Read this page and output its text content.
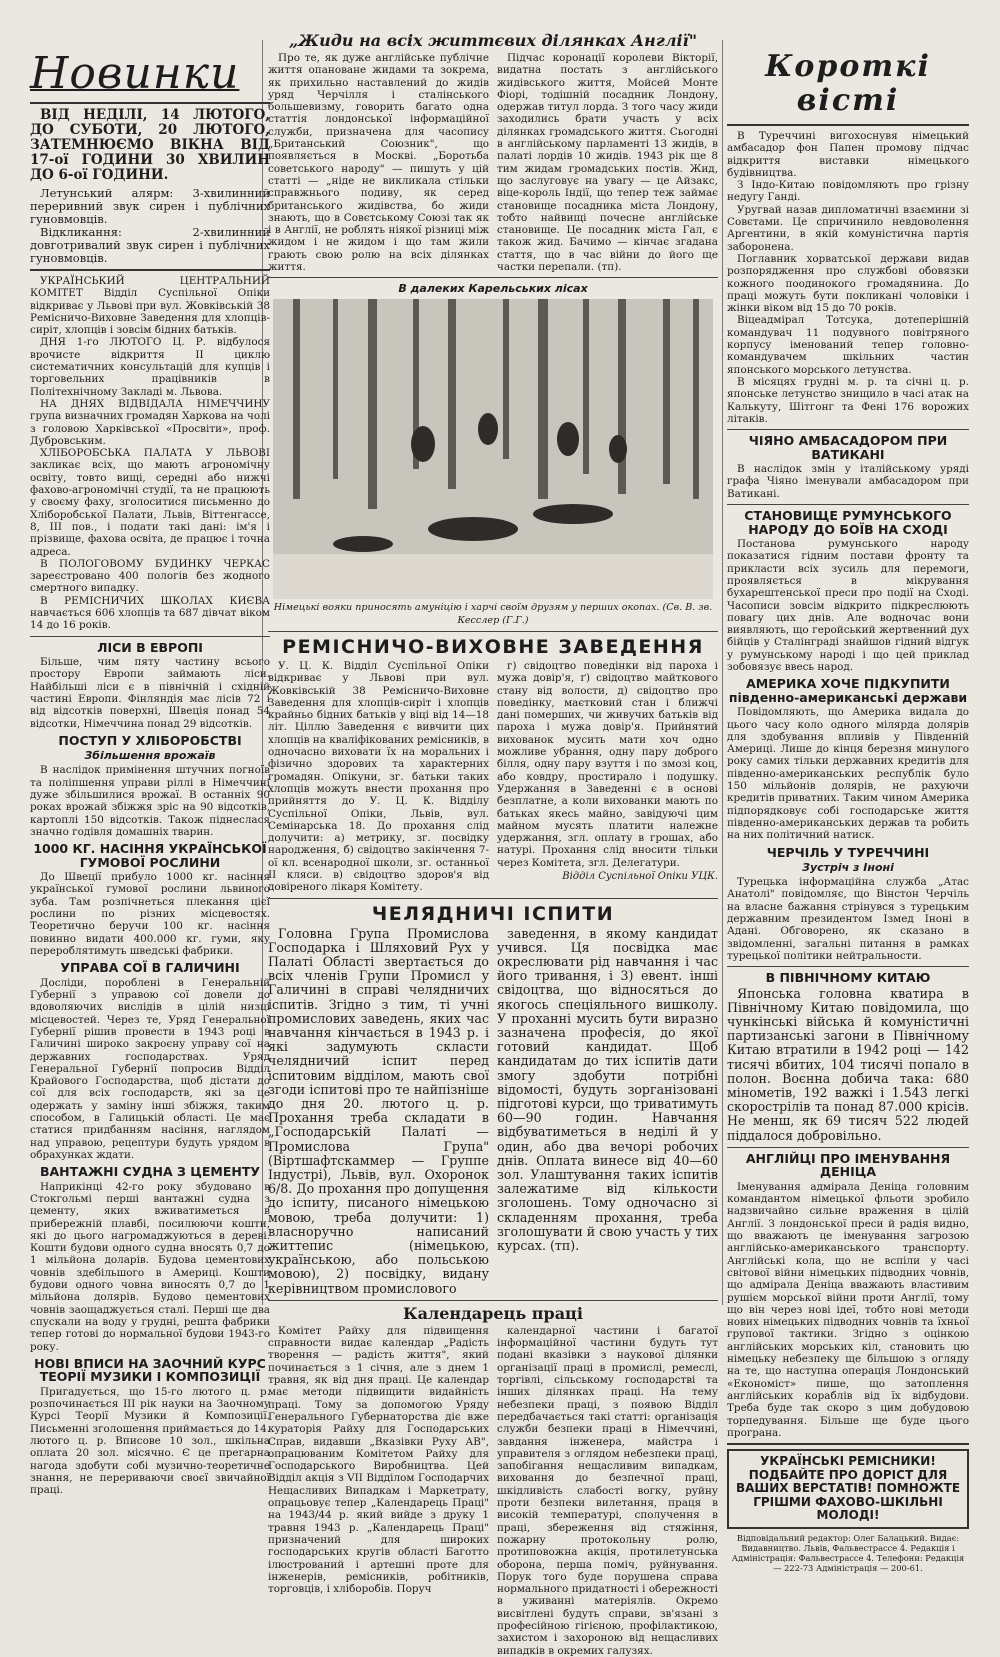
Новинки

ВІД НЕДІЛІ, 14 ЛЮТОГО, ДО СУБОТИ, 20 ЛЮТОГО, ЗАТЕМНЮЄМО ВІКНА ВІД 17-ої ГОДИНИ 30 ХВИЛИН ДО 6-ої ГОДИНИ.

Летунський алярм: 3-хвилинний переривний звук сирен і публічних гуновмовців.

Відкликання: 2-хвилинний довготривалий звук сирен і публічних гуновмовців.

УКРАЇНСЬКИЙ ЦЕНТРАЛЬНИЙ КОМІТЕТ Відділ Суспільної Опіки відкриває у Львові при вул. Жовківській 38 Ремісничо-Виховне Заведення для хлопців-сиріт, хлопців і зовсім бідних батьків.

ДНЯ 1-го ЛЮТОГО Ц. Р. відбулося врочисте відкриття II циклю систематичних консультацій для купців і торговельних працівників в Політехнічному Закладі м. Львова.

НА ДНЯХ ВІДВІДАЛА НІМЕЧЧИНУ група визначних громадян Харкова на чолі з головою Харківської «Просвіти», проф. Дубровським.

ХЛІБОРОБСЬКА ПАЛАТА У ЛЬВОВІ закликає всіх, що мають агрономічну освіту, товто вищі, середні або нижчі фахово-агрономічні студії, та не працюють у своєму фаху, зголоситися письменно до Хліборобської Палати, Львів, Віттенгассе, 8, III пов., і подати такі дані: ім'я і прізвище, фахова освіта, де працює і точна адреса.

В ПОЛОГОВОМУ БУДИНКУ ЧЕРКАС зареєстровано 400 пологів без жодного смертного випадку.

В РЕМІСНИЧИХ ШКОЛАХ КИЄВА навчається 606 хлопців та 687 дівчат віком 14 до 16 років.

ЛІСИ В ЕВРОПІ

Більше, чим пяту частину всього простору Европи займають ліси. Найбільші ліси є в північній і східній частині Европи. Фінляндія має лісів 72 і від відсотків поверхні, Швеція понад 54 відсотки, Німеччина понад 29 відсотків.

ПОСТУП У ХЛІБОРОБСТВІ
Збільшення врожаїв

В наслідок примінення штучних погноїв та поліпшення управи ріллі в Німеччині дуже збільшилися врожаї. В останніх 90 роках врожай збіжжя зріс на 90 відсотків, картоплі 150 відсотків. Також піднеслася значно годівля домашніх тварин.

1000 КГ. НАСІННЯ УКРАЇНСЬКОЇ ГУМОВОЇ РОСЛИНИ

До Швеції прибуло 1000 кг. насіння української гумової рослини львиного зуба. Там розпічнеться плекання цієї рослини по різних місцевостях. Теоретично беручи 100 кг. насіння повинно видати 400.000 кг. гуми, яку перероблятимуть шведські фабрики.

УПРАВА СОЇ В ГАЛИЧИНІ

Досліди, пороблені в Генеральній Губернії з управою сої довели до вдоволяючих вислідів в цілій низці місцевостей. Через те, Уряд Генеральної Губернії рішив провести в 1943 році в Галичині широко закроєну управу сої на державних господарствах. Уряд Генеральної Губернії попросив Відділ Крайового Господарства, щоб дістати до сої для всіх господарств, які за це одержать у заміну інші збіжжя, таким способом, в Галицькій області. Це має статися придбанням насіння, наглядом над управою, рецептури будуть урядом в обрахунках ждати.

ВАНТАЖНІ СУДНА З ЦЕМЕНТУ

Наприкінці 42-го року збудовано в Стокгольмі перші вантажні судна з цементу, яких вживатиметься в прибережній плавбі, посилюючи кошти, які до цього нагромаджуються в дереві. Кошти будови одного судна вносять 0,7 до 1 мільйона доларів. Будова цементових човнів здебільшого в Америці. Кошти будови одного човна виносять 0,7 до 1 мільйона долярів. Будово цементових човнів заощаджується сталі. Перші ще два спускали на воду у грудні, решта фабрики тепер готові до нормальної будови 1943-го року.

НОВІ ВПИСИ НА ЗАОЧНИЙ КУРС ТЕОРІЇ МУЗИКИ І КОМПОЗИЦІЇ

Пригадується, що 15-го лютого ц. р. розпочинається ІІІ рік науки на Заочному Курсі Теорії Музики й Композиції. Письменні зголошення приймається до 14. лютого ц. р. Вписове 10 зол., шкільна оплата 20 зол. місячно. Є це прегарна нагода здобути собі музично-теоретичне знання, не перериваючи своєї звичайної праці.

„Жиди на всіх життєвих ділянках Англії"

Про те, як дуже англійське публічне життя опановане жидами та зокрема, як прихильно наставлений до жидів уряд Черчілля і сталінського большевизму, говорить багато одна статтія лондонської інформаційної служби, призначена для часопису „Британський Союзник", що появляється в Москві. „Боротьба советського народу" — пишуть у цій статті — „ніде не викликала стільки справжнього подиву, як серед британського жидівства, бо жиди знають, що в Совєтському Союзі так як і в Англії, не роблять ніякої різниці між жидом і не жидом і що там жили грають свою ролю на всіх ділянках життя.

Підчас коронації королеви Вікторії, видатна постать з англійського жидівського життя, Мойсей Монте Фіорі, тодішній посадник Лондону, одержав титул лорда. З того часу жиди заходились брати участь у всіх ділянках громадського життя. Сьогодні в англійському парламенті 13 жидів, в палаті лордів 10 жидів. 1943 рік ще 8 тим жидам громадських постів. Жид, що заслуговує на увагу — це Айзакс, віце-король Індії, що тепер теж займає становище посадника міста Лондону, тобто найвищі почесне англійське становище. Це посадник міста Гал, є також жид. Бачимо — кінчає згадана стаття, що в час війни до його ще частки перепали. (тп).

В далеких Карельських лісах

Німецькі вояки приносять амуніцію і харчі своїм друзям у перших окопах. (Св. В. зв. Кесслер (Г.Г.)

РЕМІСНИЧО-ВИХОВНЕ ЗАВЕДЕННЯ

У. Ц. К. Відділ Суспільної Опіки відкриває у Львові при вул. Жовківській 38 Ремісничо-Виховне Заведення для хлопців-сиріт і хлопців крайньо бідних батьків у віці від 14—18 літ. Ціллю Заведення є вивчити цих хлопців на кваліфікованих ремісників, в одночасно виховати їх на моральних і фізично здорових та характерних громадян. Опікуни, зг. батьки таких хлопців можуть внести прохання про прийняття до У. Ц. К. Відділу Суспільної Опіки, Львів, вул. Семінарська 18. До прохання слід долучити: а) метрику, зг. посвідку народження, б) свідоцтво закінчення 7-ої кл. всенародної школи, зг. останньої ІІ кляси. в) свідоцтво здоров'я від довіреного лікаря Комітету.

г) свідоцтво поведінки від пароха і мужа довір'я, ґ) свідоцтво майткового стану від волости, д) свідоцтво про поведінку, маєтковий стан і ближчі дані померших, чи живучих батьків від пароха і мужа довір'я. Прийнятий вихованок мусить мати хоч одно можливе убрання, одну пару доброго білля, одну пару взуття і по змозі коц, або ковдру, простирало і подушку. Удержання в Заведенні є в основі безплатне, а коли вихованки мають по батьках якесь майно, завідуючі цим майном мусять платити належне удержання, згл. оплату в грошах, або натурі. Прохання слід вносити тільки через Комітета, згл. Делегатури.

Відділ Суспільної Опіки УЦК.
ЧЕЛЯДНИЧІ ІСПИТИ

Головна Група Промислова Господарка і Шляховий Рух у Палаті Області звертається до всіх членів Групи Промисл у Галичині в справі челядничих іспитів. Згідно з тим, ті учні промислових заведень, яких час навчання кінчається в 1943 р. і які задумують скласти челядничий іспит перед іспитовим відділом, мають свої згоди іспитові про те найпізніше до дня 20. лютого ц. р. Прохання треба складати в „Господарській Палаті — Промислова Група" (Віртшафтскаммер — Группе Індустрі), Львів, вул. Охоронок 6/8. До прохання про допущення до іспиту, писаного німецькою мовою, треба долучити: 1) власноручно написаний життепис (німецькою, українською, або польською мовою), 2) посвідку, видану керівництвом промислового

заведення, в якому кандидат учився. Ця посвідка має окреслювати рід навчання і час його тривання, і 3) евент. інші свідоцтва, що відносяться до якогось спеціяльного вишколу. У проханні мусить бути виразно зазначена професія, до якої готовий кандидат. Щоб кандидатам до тих іспитів дати змогу здобути потрібні відомості, будуть зорганізовані підготові курси, що триватимуть 60—90 годин. Навчання відбуватиметься в неділі й у один, або два вечорі робочих днів. Оплата винесе від 40—60 зол. Улаштування таких іспитів залежатиме від кількости зголошень. Тому одночасно зі складенням прохання, треба зголошувати й свою участь у тих курсах. (тп).

Календарець праці

Комітет Райху для підвищення справности видає календар „Радість творення — радість життя", який починається з 1 січня, але з днем 1 травня, як від дня праці. Це календар має методи підвищити видайність праці. Тому за допомогою Уряду Генерального Губернаторства діє вже кураторія Райху для Господарських Справ, видавши „Вказівки Руху АВ", опрацюваним Комітетом Райху для Господарського Виробництва. Цей Відділ акція з VII Відділом Господарчих Нещасливих Випадкам і Маркетрату, опрацьовує тепер „Календарець Праці" на 1943/44 р. який вийде з друку 1 травня 1943 р. „Календарець Праці" призначений для широких господарських кругів області Баготто ілюстрований і артешні проте для інженерів, ремісників, робітників, торговців, і хліборобів. Поруч

календарної частини і багатої інформаційної частини будуть тут подані вказівки з наукової ділянки організації праці в промислі, ремеслі, торгівлі, сільському господарстві та інших ділянках праці. На тему небезпеки праці, з появою Відділ передбачається такі статті: організація служби безпеки праці в Німеччині, завдання інженера, майстра і управителя з оглядом небезпеки праці, запобігання нещасливим випадкам, виховання до безпечної праці, шкідливість слабості вогку, руйну проти безпеки вилетання, праця в високій температурі, сполучення в праці, збереження від стяжіння, пожарну протокольну ролю, протиповожна акція, протилетунська оборона, перша поміч, руйнування. Порук того буде порушена справа нормального придатності і обережності в уживанні матеріялів. Окремо висвітлені будуть справи, зв'язані з професійною гігієною, профілактикою, захистом і захороною від нещасливих випадків в окремих галузях.

Короткі вісті

В Туреччині вигохоснувя німецький амбасадор фон Папен промову підчас відкриття виставки німецького будівництва.

З Індо-Китаю повідомляють про грізну недугу Ганді.

Уругвай назав дипломатичні взаємини зі Совєтами. Це спричинило невдоволення Аргентини, в якій комуністична партія заборонена.

Поглавник хорватської держави видав розпорядження про службові обовязки кожного поодинокого громадянина. До праці можуть бути покликані чоловіки і жінки віком від 15 до 70 років.

Віцеадмірал Тотсука, дотеперішній командувач 11 подувного повітряного корпусу іменований тепер головно-командувачем шкільних частин японського морського летунства.

В місяцях грудні м. р. та січні ц. р. японське летунство знищило в часі атак на Калькуту, Шітгонг та Фені 176 ворожих літаків.

ЧІЯНО АМБАСАДОРОМ ПРИ ВАТИКАНІ

В наслідок змін у італійському уряді графа Чіяно іменували амбасадором при Ватикані.

СТАНОВИЩЕ РУМУНСЬКОГО НАРОДУ ДО БОЇВ НА СХОДІ

Постанова румунського народу показатися гідним постави фронту та прикласти всіх зусиль для перемоги, проявляється в мікрування бухарештенської преси про події на Сході. Часописи зовсім відкрито підкреслюють повагу цих днів. Але водночас вони виявляють, що геройський жертвенний дух бійців у Сталінграді знайшов гідний відгук у румунському народі і що цей приклад зобовязує ввесь народ.

АМЕРИКА ХОЧЕ ПІДКУПИТИ південно-американські держави

Повідомляють, що Америка видала до цього часу коло одного мілярда долярів для здобування впливів у Південній Америці. Лише до кінця березня минулого року самих тільки державних кредитів для південно-американських республік було 150 мільйонів долярів, не рахуючи кредитів приватних. Таким чином Америка підпорядковує собі господарське життя південно-американських держав та робить на них політичний натиск.

ЧЕРЧІЛЬ У ТУРЕЧЧИНІ
Зустріч з Іноні

Турецька інформаційна служба „Атас Анатолі" повідомляє, що Вінстон Черчіль на власне бажання стрінувся з турецьким державним президентом Ізмед Іноні в Адані. Обговорено, як сказано в звідомленні, загальні питання в рамках турецької політики нейтральности.

В ПІВНІЧНОМУ КИТАЮ

Японська головна кватира в Північному Китаю повідомила, що чункінські війська й комуністичні партизанські загони в Північному Китаю втратили в 1942 році — 142 тисячі вбитих, 104 тисячі попало в полон. Воєнна добича така: 680 мінометів, 192 важкі і 1.543 легкі скорострілів та понад 87.000 крісів. Не менш, як 69 тисяч 522 людей піддалося добровільно.

АНГЛІЙЦІ ПРО ІМЕНУВАННЯ ДЕНІЦА

Іменування адмірала Деніца головним командантом німецької фльоти зробило надзвичайно сильне враження в цілій Англії. З лондонської преси й радія видно, що вважають це іменування загрозою англійсько-американського транспорту. Англійські кола, що не вспіли у часі світової війни німецьких підводних човнів, що адмірала Деніца вважають властивим рушієм морської війни проти Англії, тому що він через нові ідеї, тобто нові методи нових німецьких підводних човнів та їхньої групової тактики. Згідно з оцінкою англійських морських кіл, становить цю німецьку небезпеку ще більшою з огляду на те, що наступна операція Лондонський «Економіст» пише, що затоплення англійських кораблів від їх відбудови. Треба буде так скоро з цим добудовою торпедування. Більше ще буде цього програна.

УКРАЇНСЬКІ РЕМІСНИКИ! ПОДБАЙТЕ ПРО ДОРІСТ ДЛЯ ВАШИХ ВЕРСТАТІВ! ПОМНОЖТЕ ГРІШМИ ФАХОВО-ШКІЛЬНІ МОЛОДІ!
Відповідальний редактор: Олег Балацький. Видає: Видавництво. Львів, Фальвестрассе 4. Редакція і Адміністрація: Фальвестрассе 4. Телефони: Редакція — 222-73 Адміністрація — 200-61.
